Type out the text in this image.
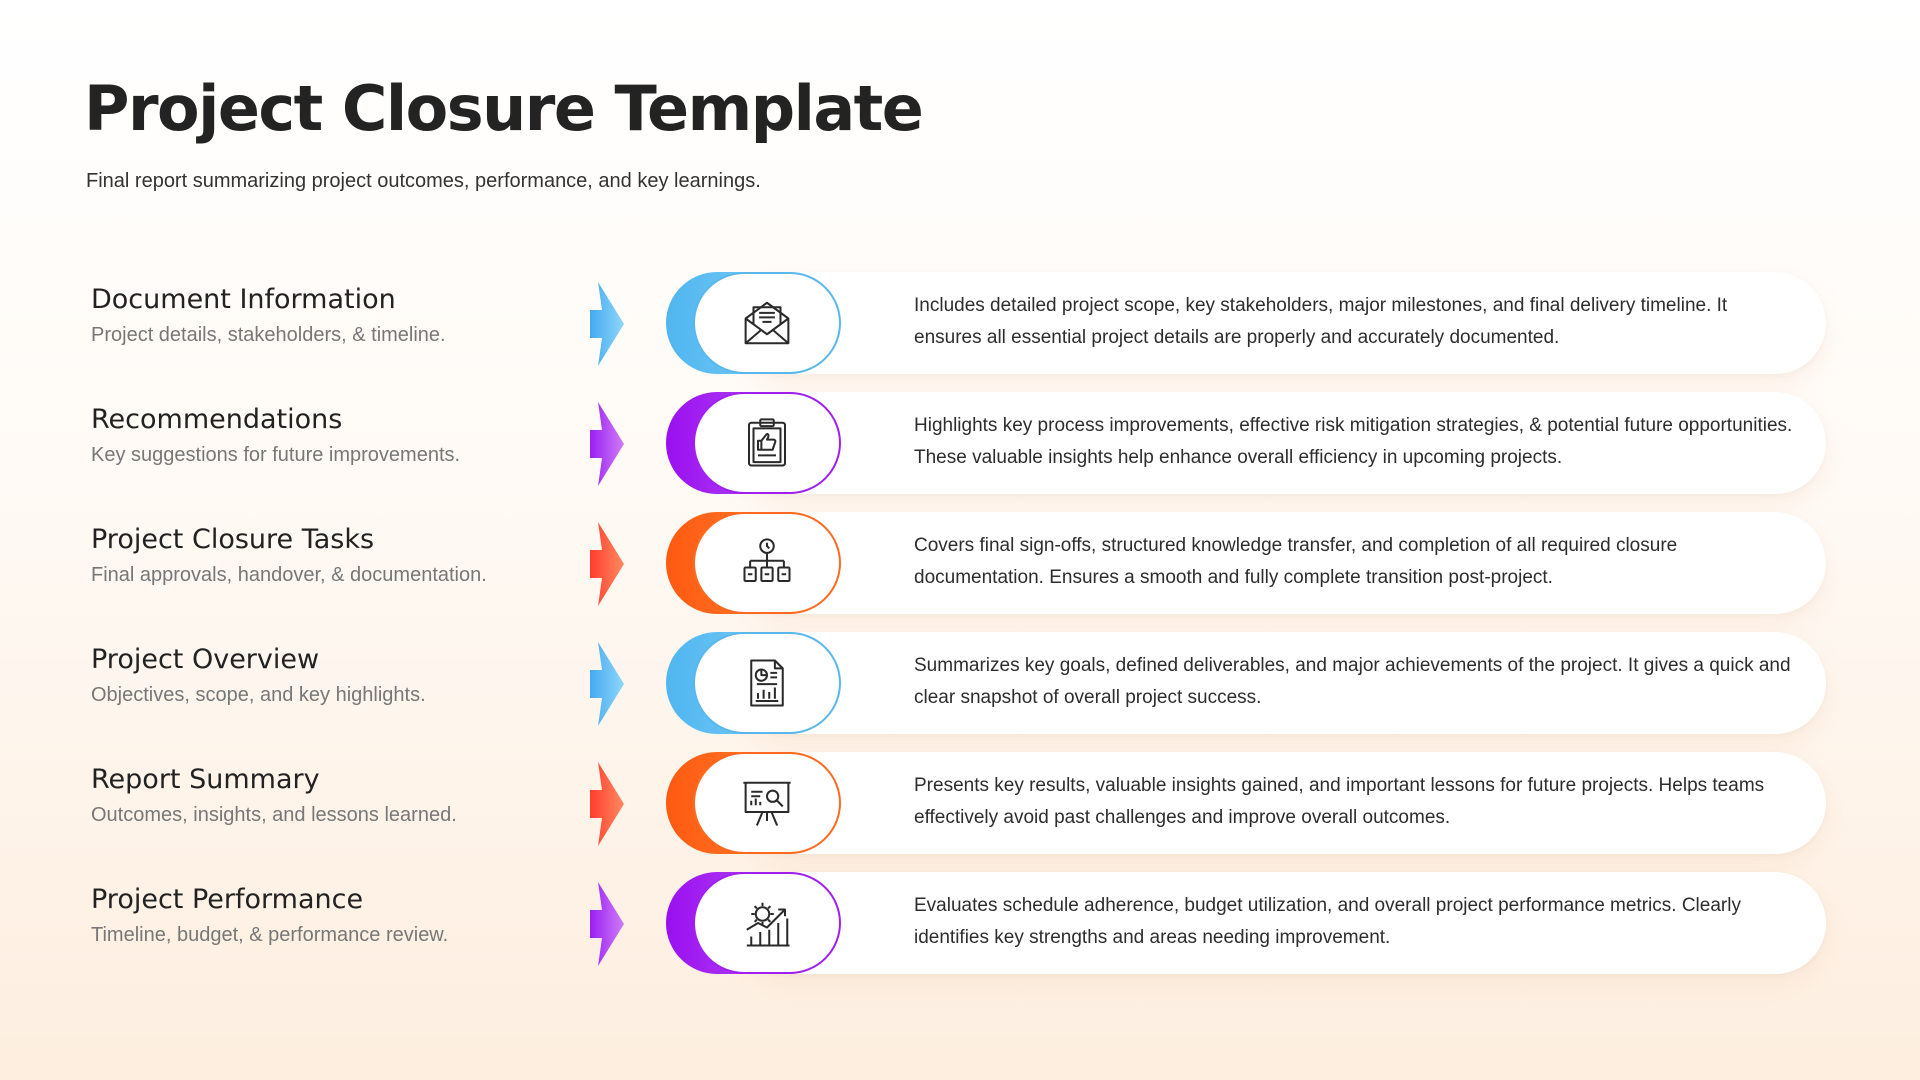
Project Closure Template

Final report summarizing project outcomes, performance, and key learnings.

Document Information
Project details, stakeholders, & timeline.
Includes detailed project scope, key stakeholders, major milestones, and final delivery timeline. It ensures all essential project details are properly and accurately documented.
Recommendations
Key suggestions for future improvements.
Highlights key process improvements, effective risk mitigation strategies, & potential future opportunities. These valuable insights help enhance overall efficiency in upcoming projects.
Project Closure Tasks
Final approvals, handover, & documentation.
Covers final sign-offs, structured knowledge transfer, and completion of all required closure documentation. Ensures a smooth and fully complete transition post-project.
Project Overview
Objectives, scope, and key highlights.
Summarizes key goals, defined deliverables, and major achievements of the project. It gives a quick and clear snapshot of overall project success.
Report Summary
Outcomes, insights, and lessons learned.
Presents key results, valuable insights gained, and important lessons for future projects. Helps teams effectively avoid past challenges and improve overall outcomes.
Project Performance
Timeline, budget, & performance review.
Evaluates schedule adherence, budget utilization, and overall project performance metrics. Clearly identifies key strengths and areas needing improvement.
